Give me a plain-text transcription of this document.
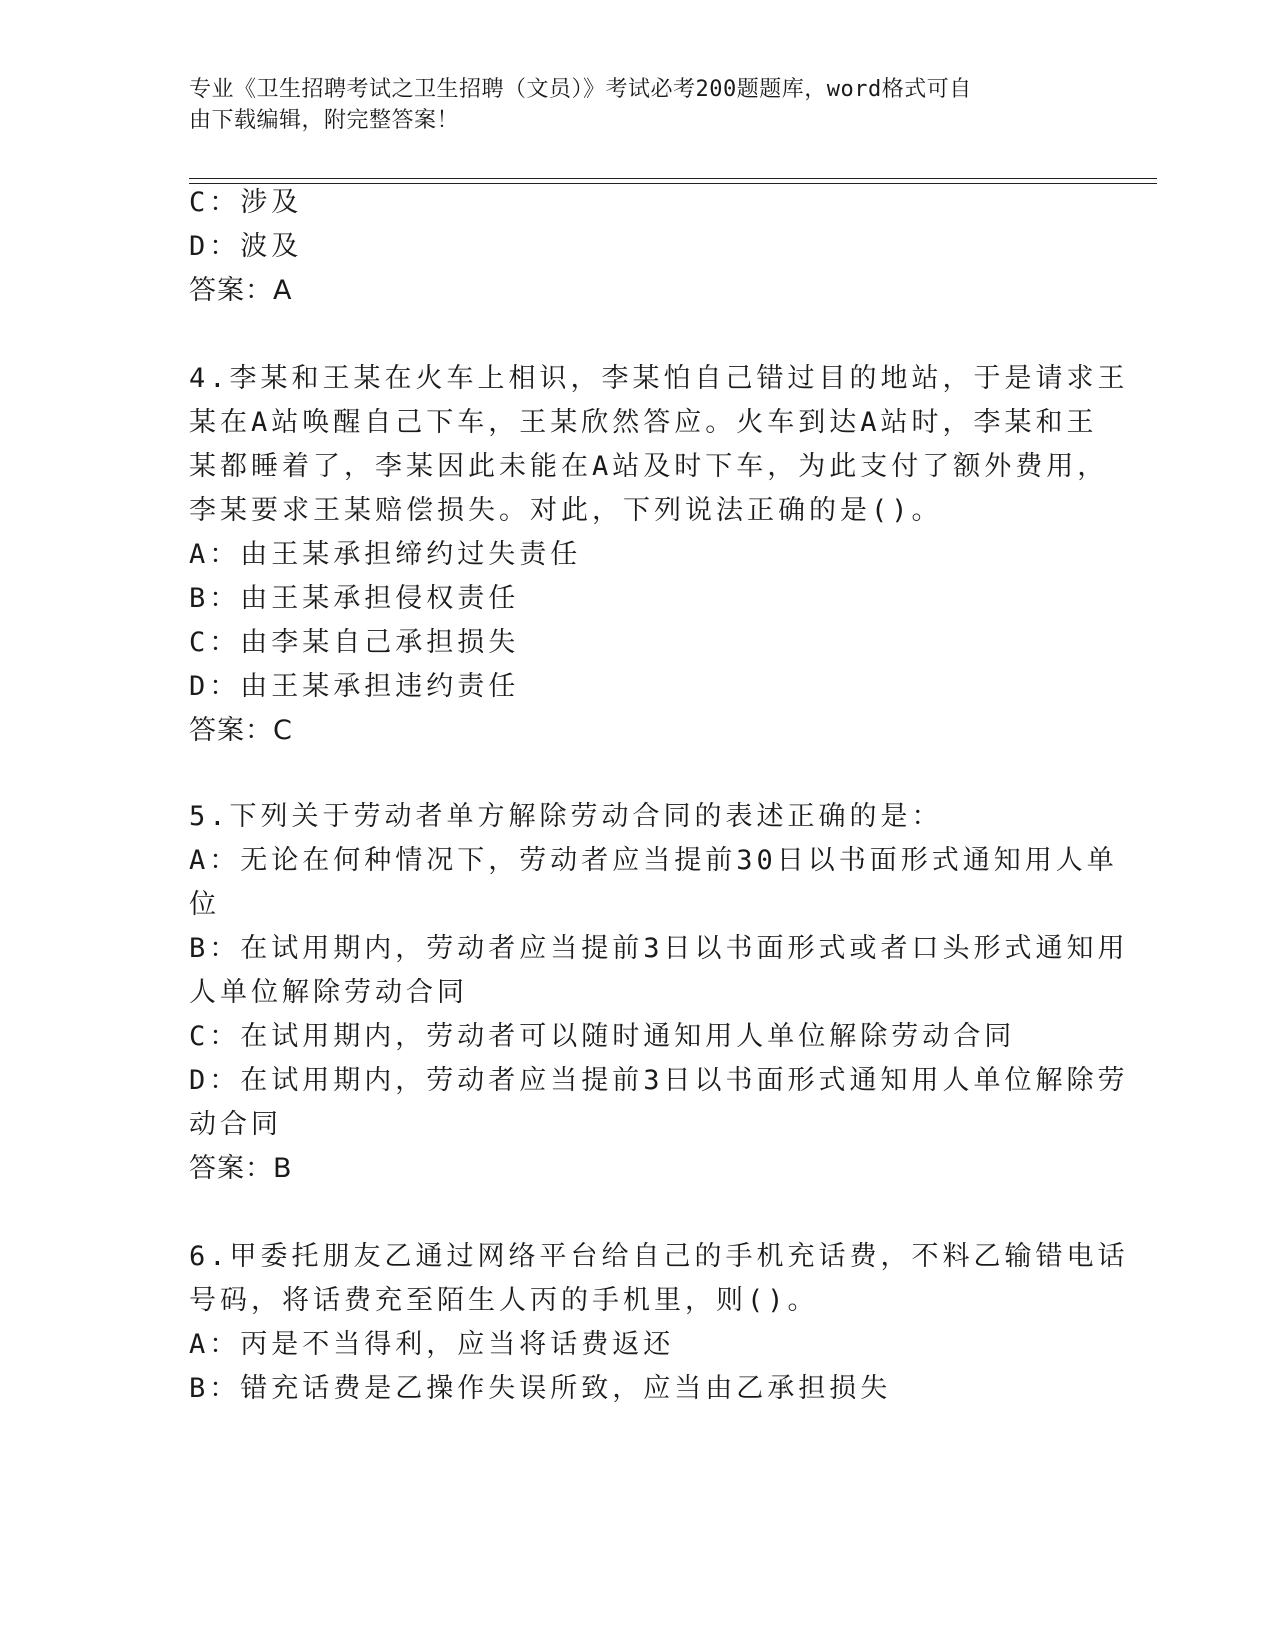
专业《卫生招聘考试之卫生招聘（文员）》考试必考200题题库，word格式可自
由下载编辑，附完整答案！
C：涉及
D：波及
答案：A
4.李某和王某在火车上相识，李某怕自己错过目的地站，于是请求王
某在A站唤醒自己下车，王某欣然答应。火车到达A站时，李某和王
某都睡着了，李某因此未能在A站及时下车，为此支付了额外费用，
李某要求王某赔偿损失。对此，下列说法正确的是()。
A：由王某承担缔约过失责任
B：由王某承担侵权责任
C：由李某自己承担损失
D：由王某承担违约责任
答案：C
5.下列关于劳动者单方解除劳动合同的表述正确的是：
A：无论在何种情况下，劳动者应当提前30日以书面形式通知用人单
位
B：在试用期内，劳动者应当提前3日以书面形式或者口头形式通知用
人单位解除劳动合同
C：在试用期内，劳动者可以随时通知用人单位解除劳动合同
D：在试用期内，劳动者应当提前3日以书面形式通知用人单位解除劳
动合同
答案：B
6.甲委托朋友乙通过网络平台给自己的手机充话费，不料乙输错电话
号码，将话费充至陌生人丙的手机里，则()。
A：丙是不当得利，应当将话费返还
B：错充话费是乙操作失误所致，应当由乙承担损失
